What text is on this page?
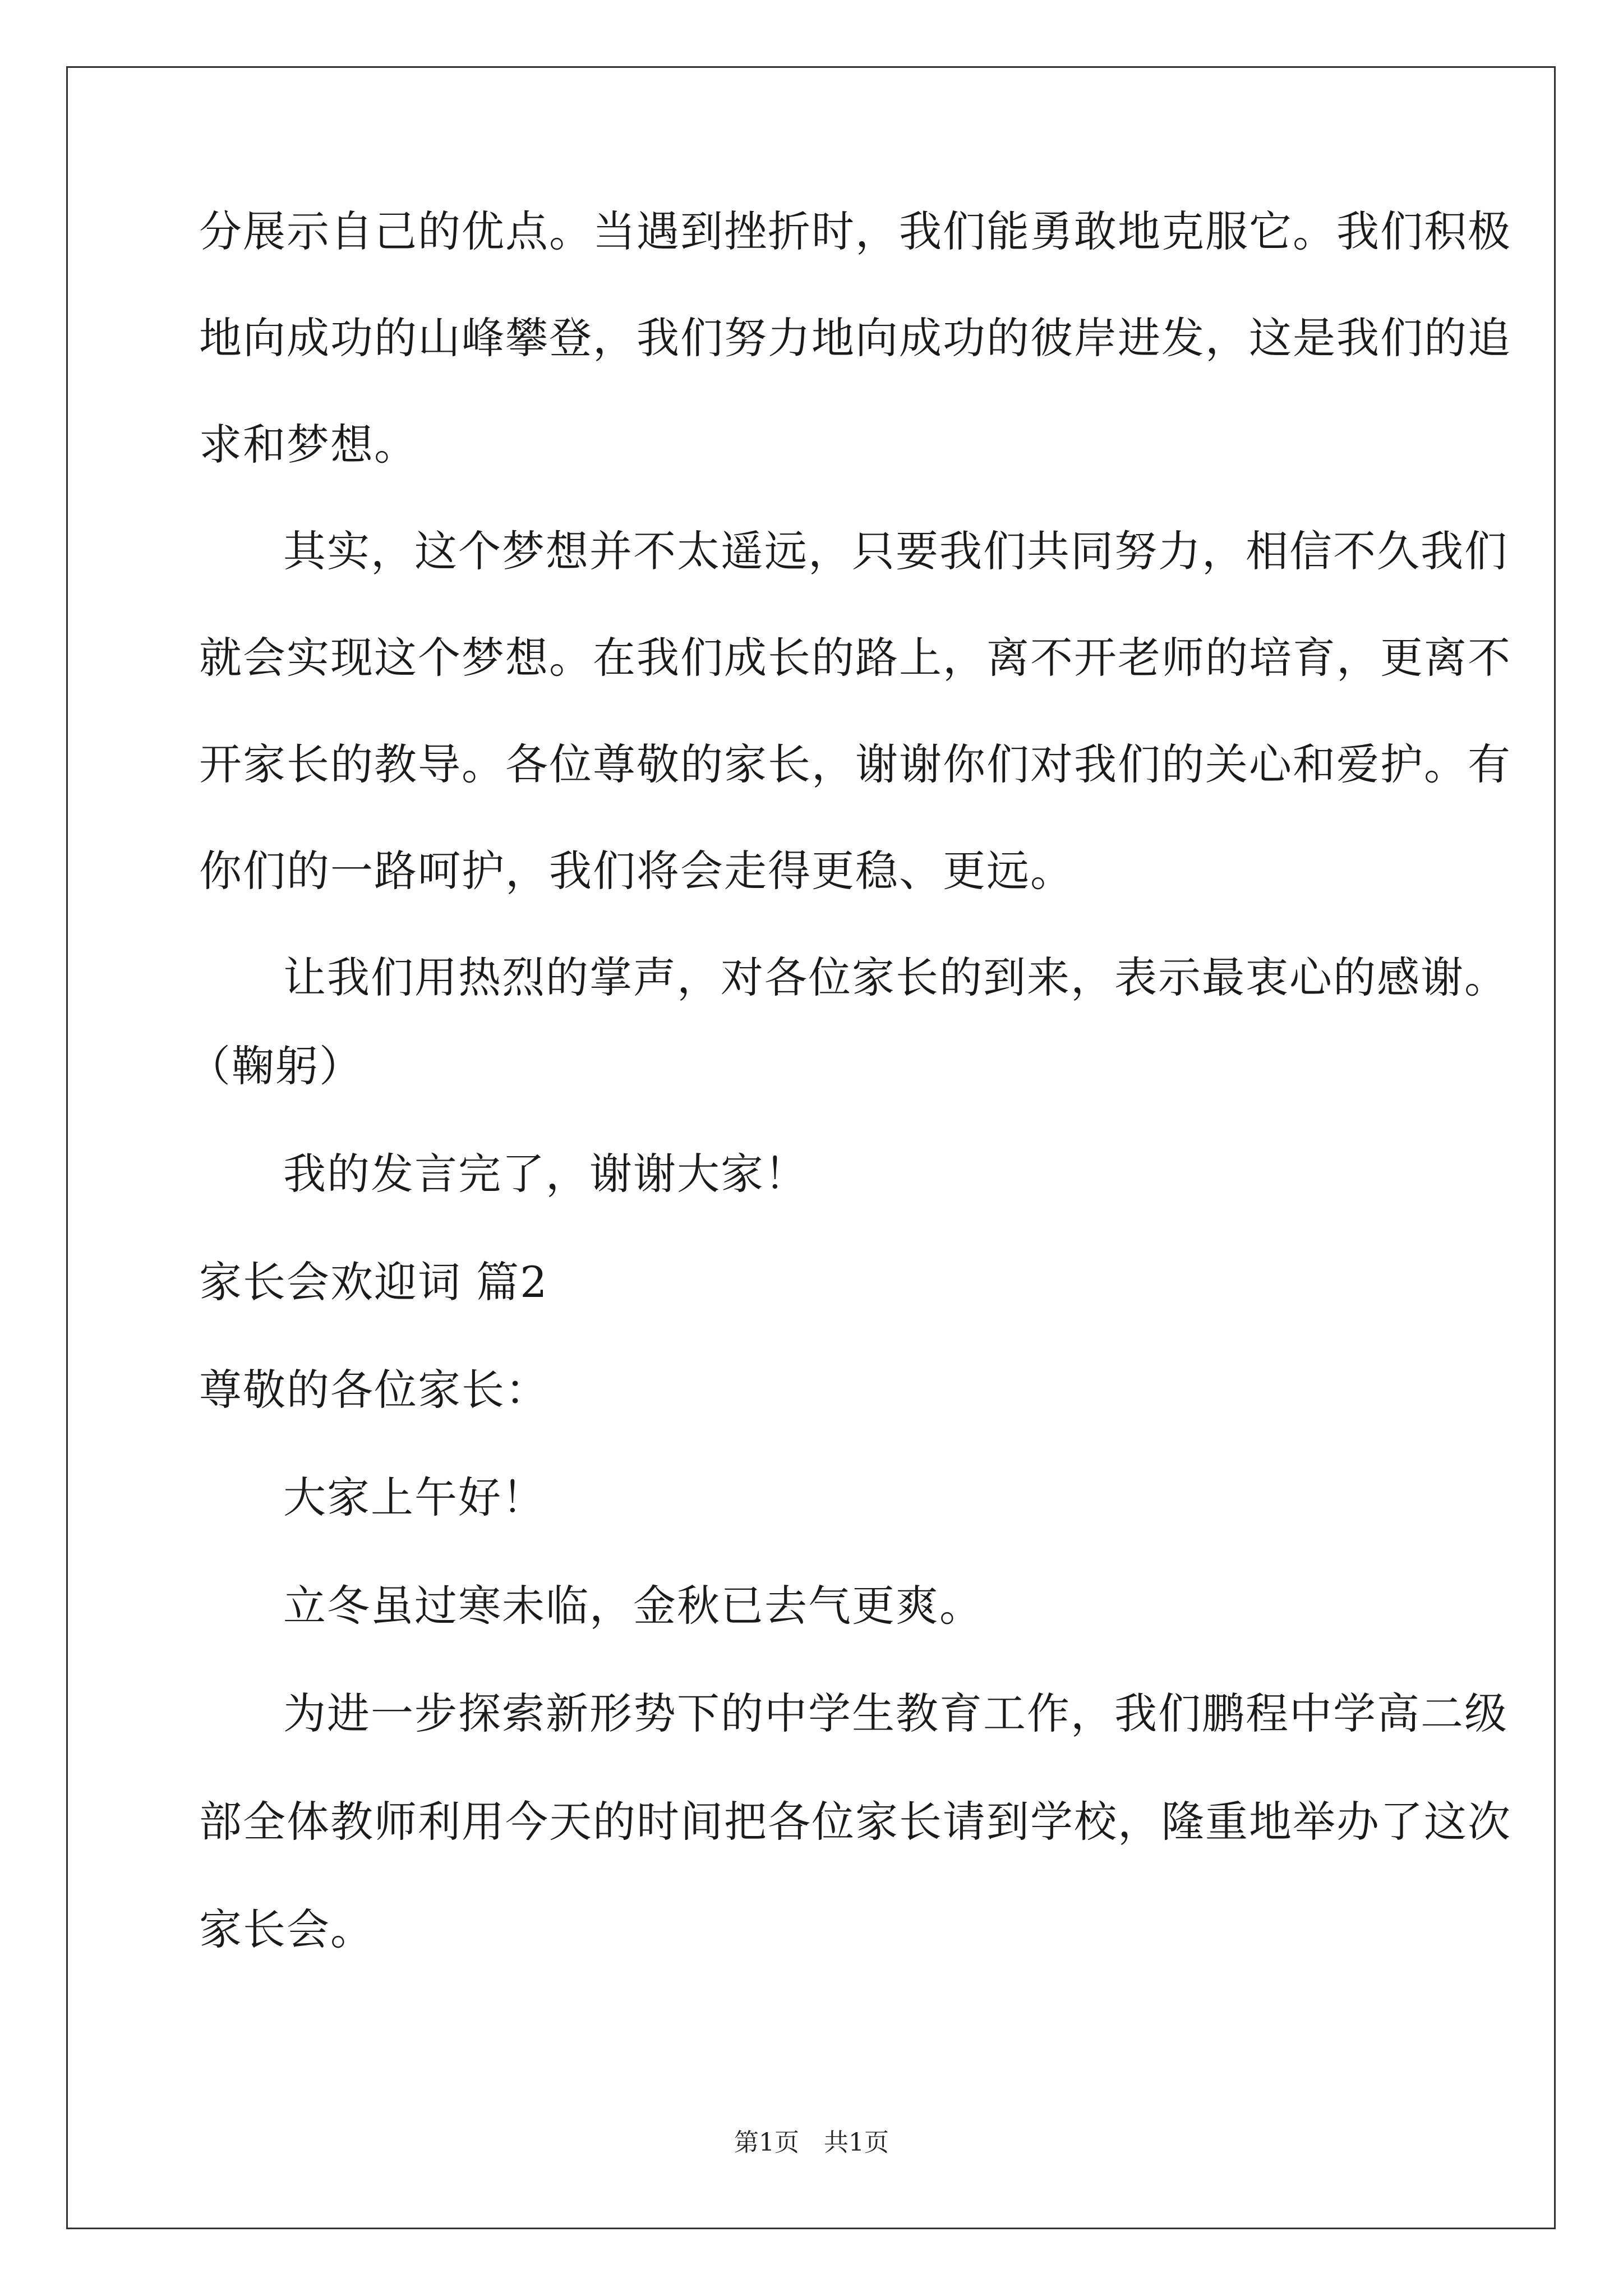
分展示自己的优点。当遇到挫折时，我们能勇敢地克服它。我们积极
地向成功的山峰攀登，我们努力地向成功的彼岸进发，这是我们的追
求和梦想。
其实，这个梦想并不太遥远，只要我们共同努力，相信不久我们
就会实现这个梦想。在我们成长的路上，离不开老师的培育，更离不
开家长的教导。各位尊敬的家长，谢谢你们对我们的关心和爱护。有
你们的一路呵护，我们将会走得更稳、更远。
让我们用热烈的掌声，对各位家长的到来，表示最衷心的感谢。
（鞠躬）
我的发言完了，谢谢大家！
家长会欢迎词 篇2
尊敬的各位家长：
大家上午好！
立冬虽过寒未临，金秋已去气更爽。
为进一步探索新形势下的中学生教育工作，我们鹏程中学高二级
部全体教师利用今天的时间把各位家长请到学校，隆重地举办了这次
家长会。
第1页　共1页
